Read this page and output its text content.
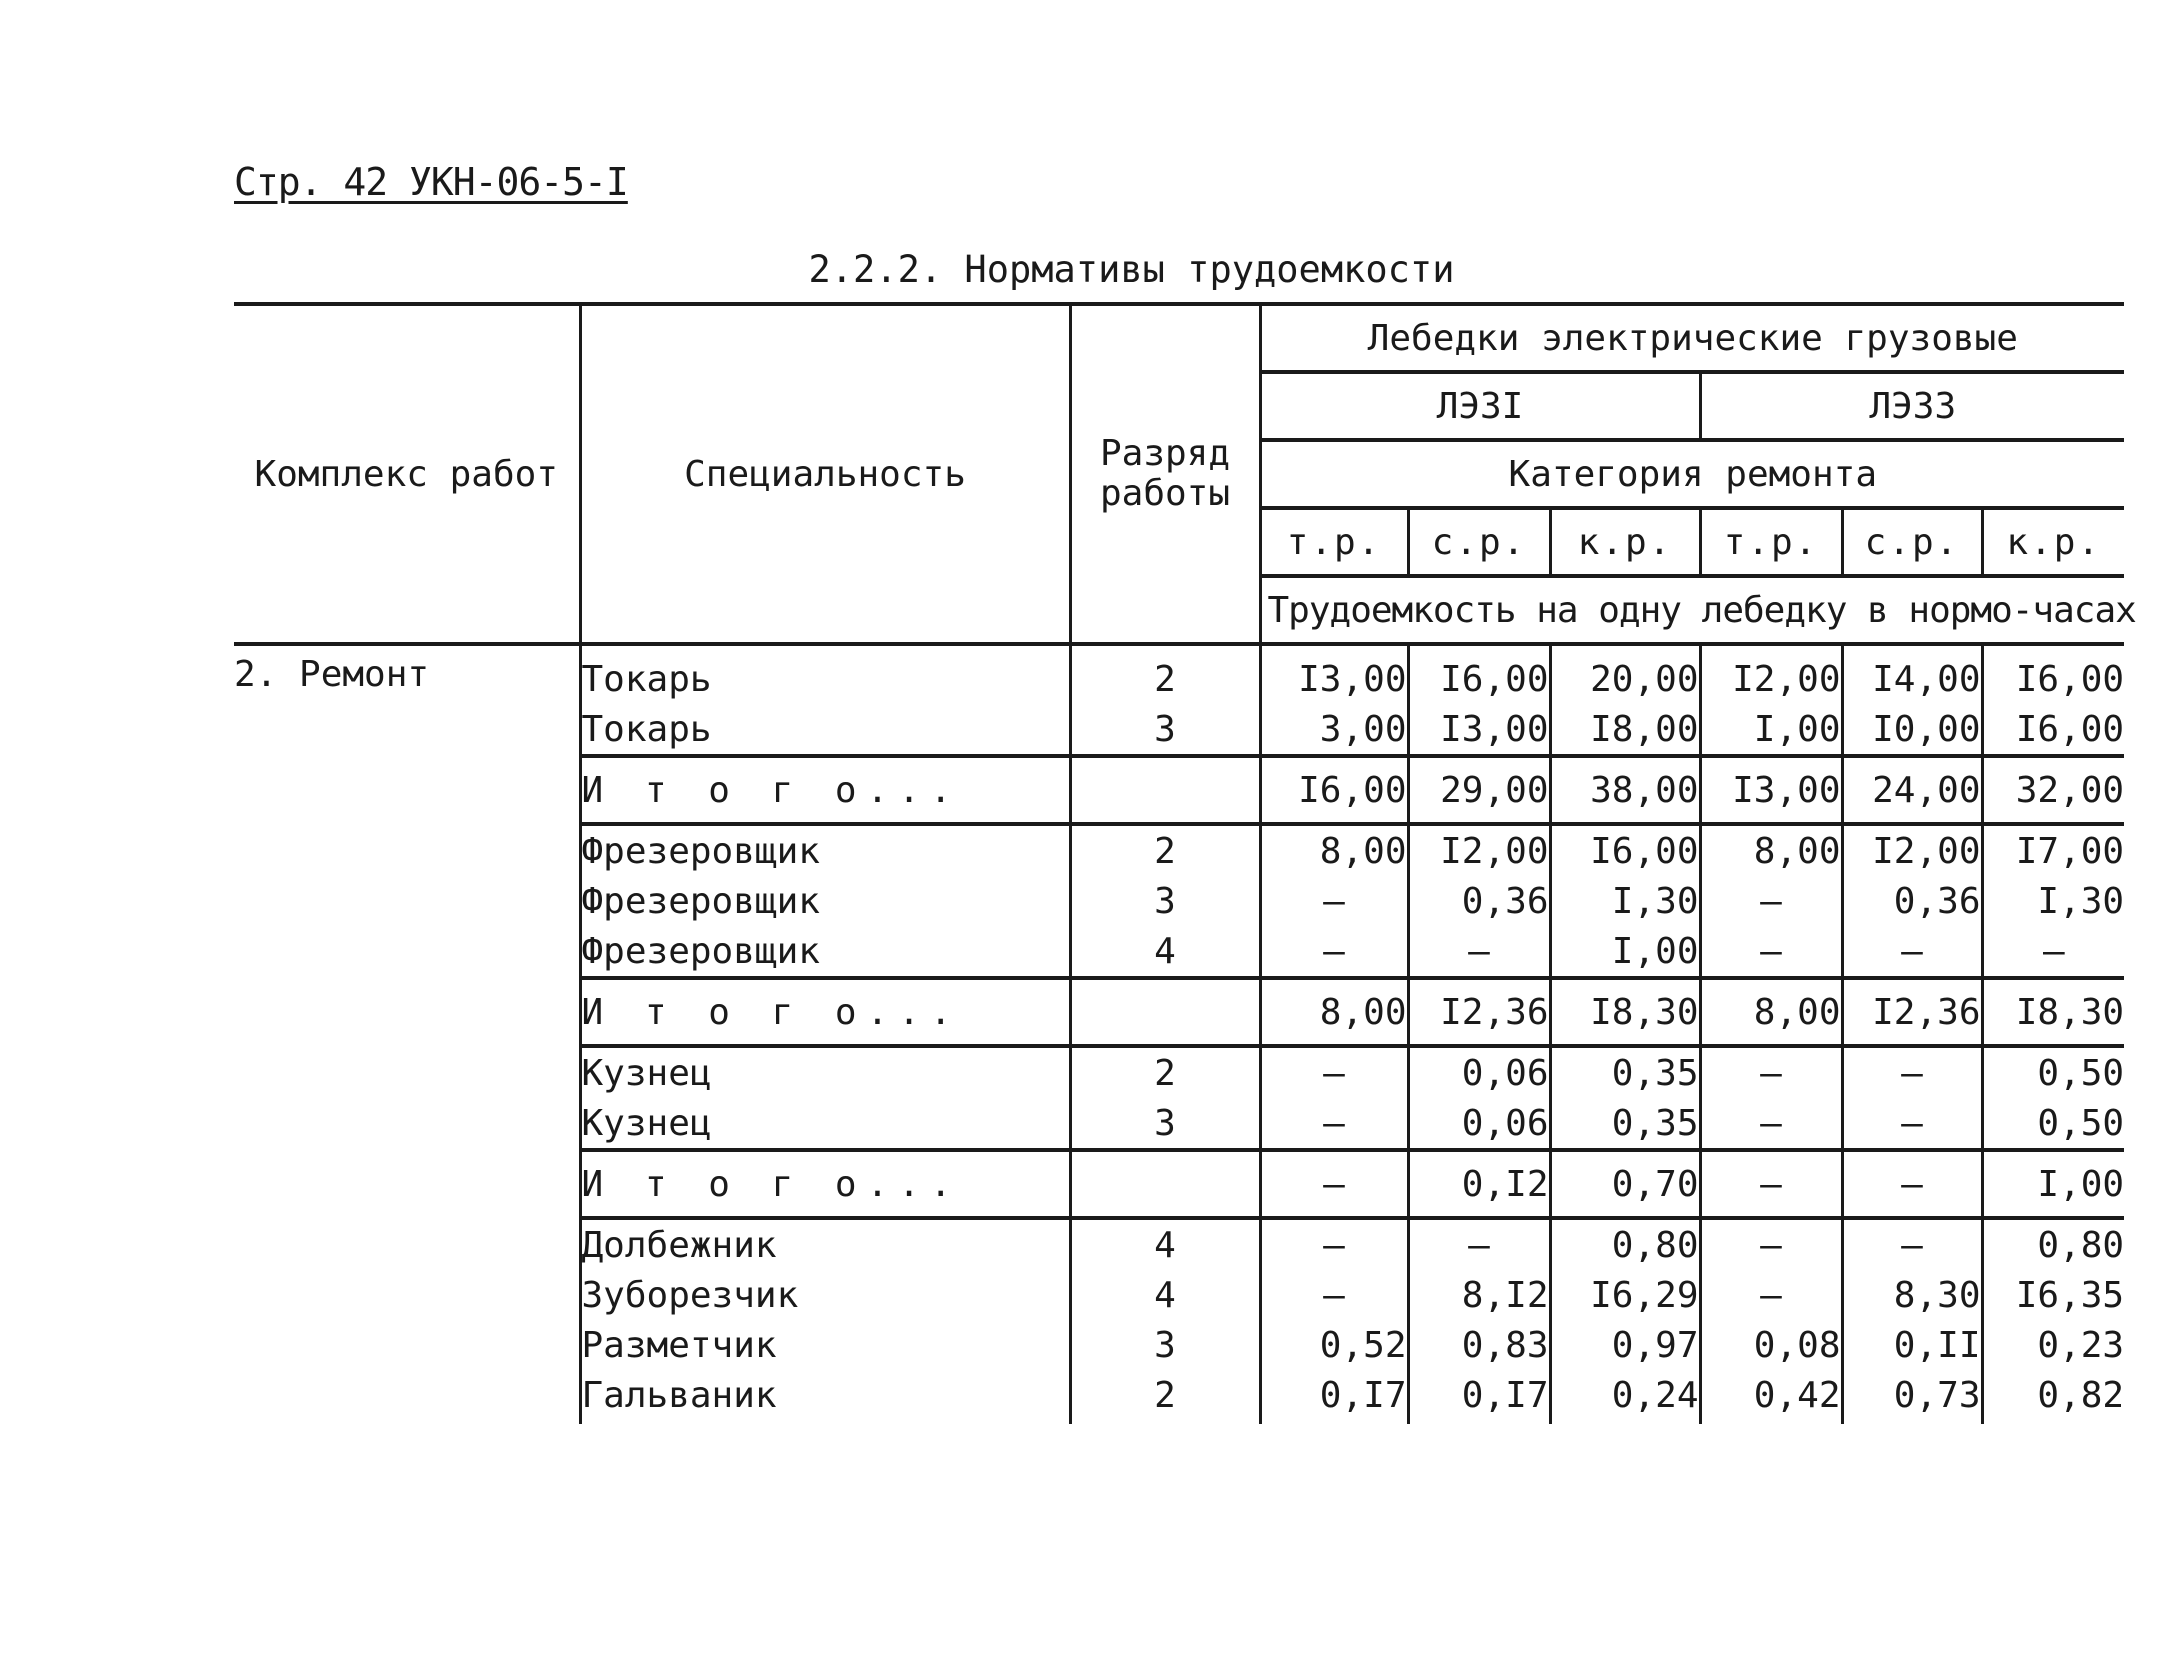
Стр. 42 УКН-06-5-I
2.2.2. Нормативы трудоемкости
Комплекс работ	Специальность	Разряд
работы	Лебедки электрические грузовые					
			ЛЭ3I			ЛЭ33		
			Категория ремонта					
			т.р.	с.р.	к.р.	т.р.	с.р.	к.р.
			Трудоемкость на одну лебедку в нормо-часах					
2. Ремонт	Токарь	2	I3,00	I6,00	20,00	I2,00	I4,00	I6,00
	Токарь	3	3,00	I3,00	I8,00	I,00	I0,00	I6,00
	И т о г о...		I6,00	29,00	38,00	I3,00	24,00	32,00
	Фрезеровщик	2	8,00	I2,00	I6,00	8,00	I2,00	I7,00
	Фрезеровщик	3	–	0,36	I,30	–	0,36	I,30
	Фрезеровщик	4	–	–	I,00	–	–	–
	И т о г о...		8,00	I2,36	I8,30	8,00	I2,36	I8,30
	Кузнец	2	–	0,06	0,35	–	–	0,50
	Кузнец	3	–	0,06	0,35	–	–	0,50
	И т о г о...		–	0,I2	0,70	–	–	I,00
	Долбежник	4	–	–	0,80	–	–	0,80
	Зуборезчик	4	–	8,I2	I6,29	–	8,30	I6,35
	Разметчик	3	0,52	0,83	0,97	0,08	0,II	0,23
	Гальваник	2	0,I7	0,I7	0,24	0,42	0,73	0,82
